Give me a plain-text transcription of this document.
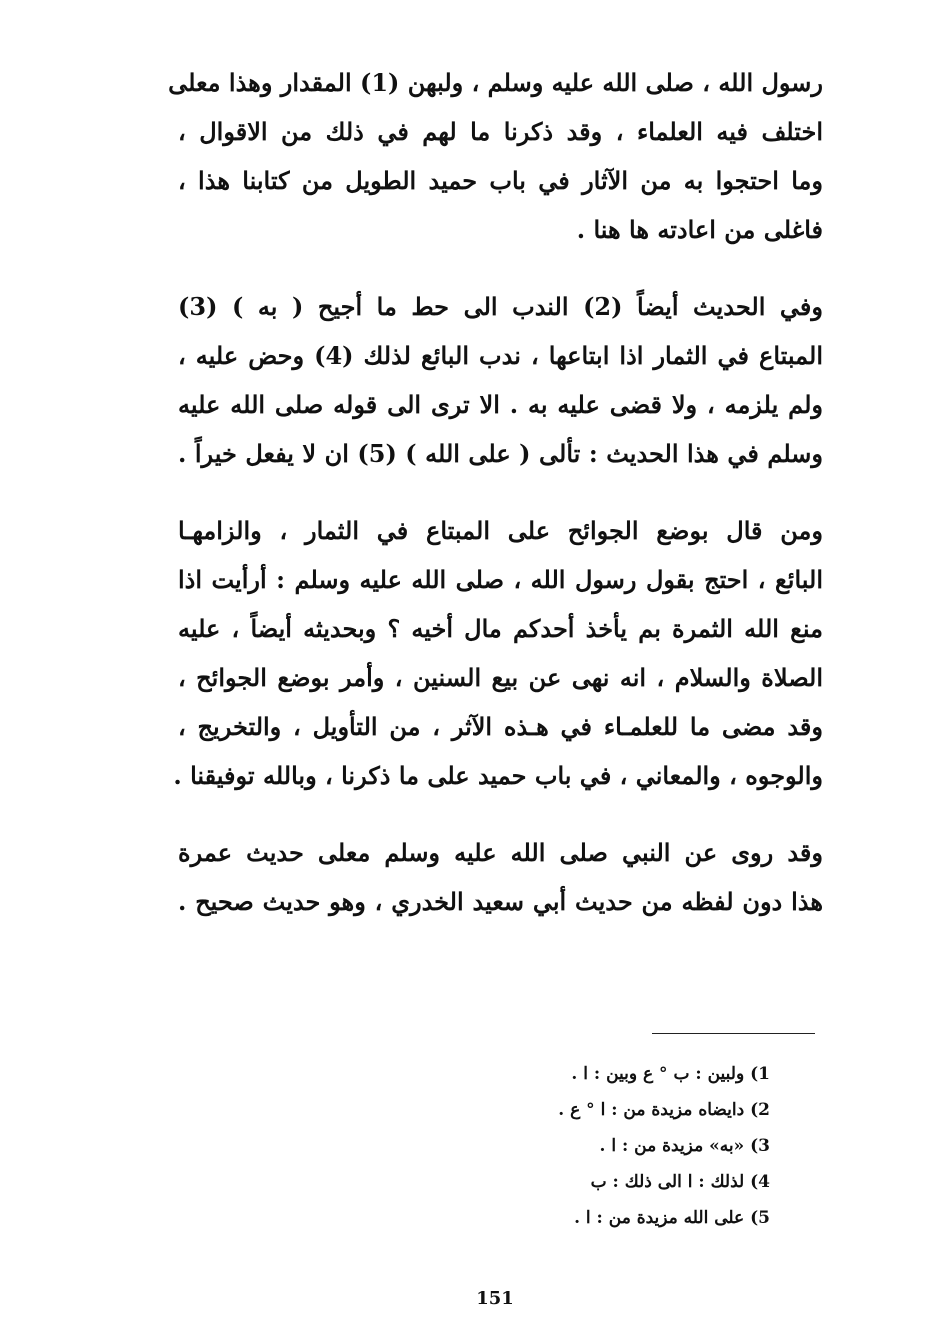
رسول الله ، صلى الله عليه وسلم ، ولبهن (1) المقدار وهذا معلى
اختلف فيه العلماء ، وقد ذكرنا ما لهم في ذلك من الاقوال ،
وما احتجوا به من الآثار في باب حميد الطويل من كتابنا هذا ،
فاغلى من اعادته ها هنا .
وفي الحديث أيضاً (2) الندب الى حط ما أجيح ( به ) (3)
المبتاع في الثمار اذا ابتاعها ، ندب البائع لذلك (4) وحض عليه ،
ولم يلزمه ، ولا قضى عليه به . الا ترى الى قوله صلى الله عليه
وسلم في هذا الحديث : تألى ( على الله ) (5) ان لا يفعل خيراً .
ومن قال بوضع الجوائح على المبتاع في الثمار ، والزامهـا
البائع ، احتج بقول رسول الله ، صلى الله عليه وسلم : أرأيت اذا
منع الله الثمرة بم يأخذ أحدكم مال أخيه ؟ وبحديثه أيضاً ، عليه
الصلاة والسلام ، انه نهى عن بيع السنين ، وأمر بوضع الجوائح ،
وقد مضى ما للعلمـاء في هـذه الآثر ، من التأويل ، والتخريج ،
والوجوه ، والمعاني ، في باب حميد على ما ذكرنا ، وبالله توفيقنا .
وقد روى عن النبي صلى الله عليه وسلم معلى حديث عمرة
هذا دون لفظه من حديث أبي سعيد الخدري ، وهو حديث صحيح .
1) ولبين : ب ° ع وبين : ا .
2) دايضاه مزيدة من : ا ° ع .
3) «به» مزيدة من : ا .
4) لذلك : ا الى ذلك : ب
5) على الله مزيدة من : ا .
151
